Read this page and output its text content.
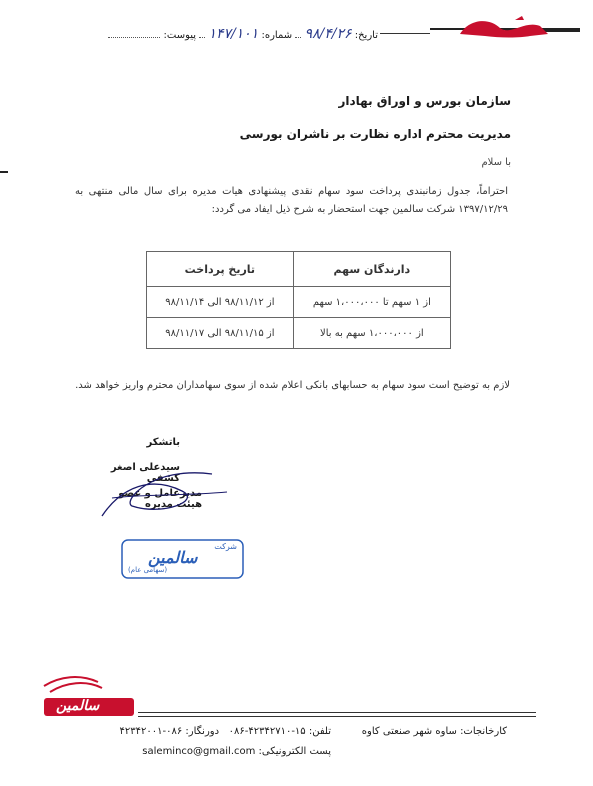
تاریخ: ۹۸/۴/۲۶  شماره: ۱۴۷/۱۰۱  پیوست:
سازمان بورس و اوراق بهادار
مدیریت محترم اداره نظارت بر ناشران بورسی
با سلام
احتراماً، جدول زمانبندی پرداخت سود سهام نقدی پیشنهادی هیات مدیره برای سال مالی منتهی به ۱۳۹۷/۱۲/۲۹ شرکت سالمین جهت استحضار به شرح ذیل ایفاد می گردد:
دارندگان سهم	تاریخ پرداخت
از ۱ سهم تا ۱،۰۰۰،۰۰۰ سهم	از ۹۸/۱۱/۱۲ الی ۹۸/۱۱/۱۴
از ۱،۰۰۰،۰۰۰ سهم به بالا	از ۹۸/۱۱/۱۵ الی ۹۸/۱۱/۱۷
لازم به توضیح است سود سهام به حسابهای بانکی اعلام شده از سوی سهامداران محترم واریز خواهد شد.
باتشکر
سیدعلی اصغر کشفی
مدیرعامل و عضو هیئت مدیره
شرکت
سالمین
(سهامی عام)
سالمین
کارخانجات: ساوه شهر صنعتی کاوه
تلفن: ۱۵-۴۲۳۴۲۷۱۰-۰۸۶   دورنگار: ۰۸۶-۴۲۳۴۲۰۰۱
پست الکترونیکی: saleminco@gmail.com
